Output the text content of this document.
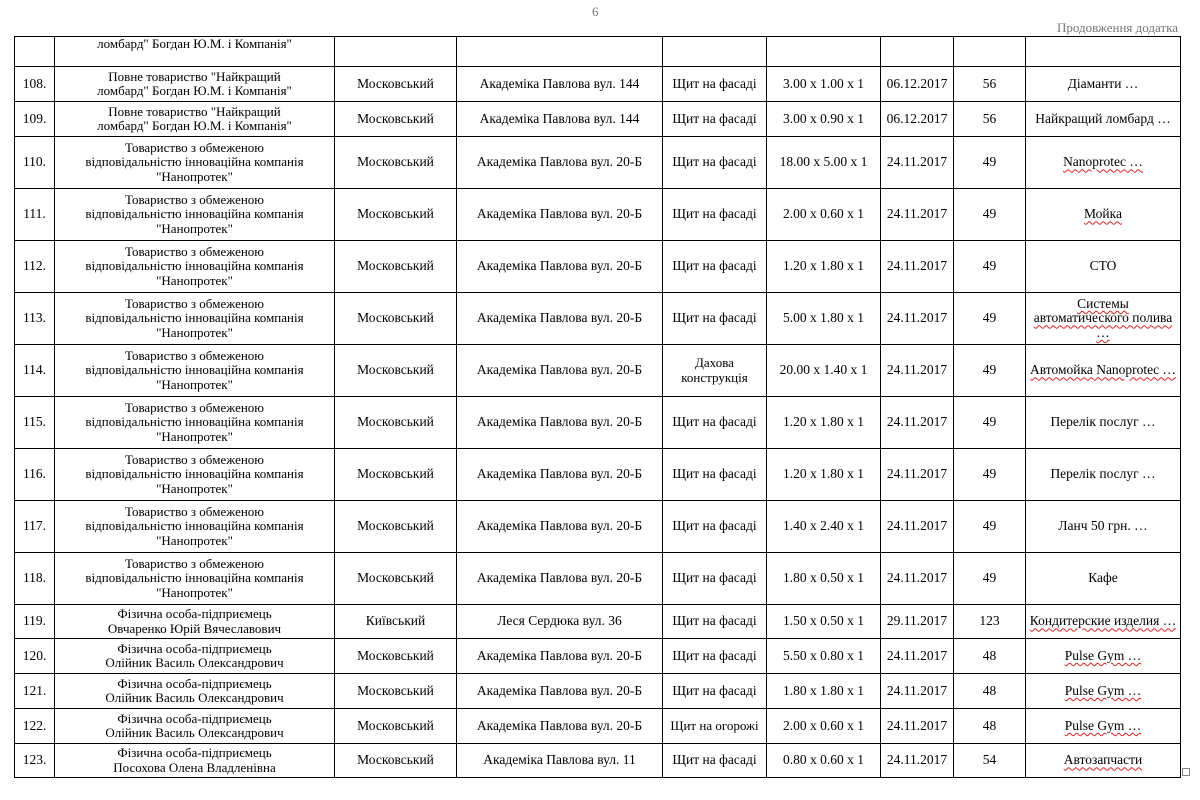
6
Продовження додатка
	ломбард" Богдан Ю.М. і Компанія"							
108.	Повне товариство "Найкращий
ломбард" Богдан Ю.М. і Компанія"	Московський	Академіка Павлова вул. 144	Щит на фасаді	3.00 x 1.00 x 1	06.12.2017	56	Діаманти …
109.	Повне товариство "Найкращий
ломбард" Богдан Ю.М. і Компанія"	Московський	Академіка Павлова вул. 144	Щит на фасаді	3.00 x 0.90 x 1	06.12.2017	56	Найкращий ломбард …
110.	Товариство з обмеженою
відповідальністю інноваційна компанія
"Нанопротек"	Московський	Академіка Павлова вул. 20-Б	Щит на фасаді	18.00 x 5.00 x 1	24.11.2017	49	Nanoprotec …
111.	Товариство з обмеженою
відповідальністю інноваційна компанія
"Нанопротек"	Московський	Академіка Павлова вул. 20-Б	Щит на фасаді	2.00 x 0.60 x 1	24.11.2017	49	Мойка
112.	Товариство з обмеженою
відповідальністю інноваційна компанія
"Нанопротек"	Московський	Академіка Павлова вул. 20-Б	Щит на фасаді	1.20 x 1.80 x 1	24.11.2017	49	СТО
113.	Товариство з обмеженою
відповідальністю інноваційна компанія
"Нанопротек"	Московський	Академіка Павлова вул. 20-Б	Щит на фасаді	5.00 x 1.80 x 1	24.11.2017	49	Системы автоматического полива …
114.	Товариство з обмеженою
відповідальністю інноваційна компанія
"Нанопротек"	Московський	Академіка Павлова вул. 20-Б	Дахова конструкція	20.00 x 1.40 x 1	24.11.2017	49	Автомойка Nanoprotec …
115.	Товариство з обмеженою
відповідальністю інноваційна компанія
"Нанопротек"	Московський	Академіка Павлова вул. 20-Б	Щит на фасаді	1.20 x 1.80 x 1	24.11.2017	49	Перелік послуг …
116.	Товариство з обмеженою
відповідальністю інноваційна компанія
"Нанопротек"	Московський	Академіка Павлова вул. 20-Б	Щит на фасаді	1.20 x 1.80 x 1	24.11.2017	49	Перелік послуг …
117.	Товариство з обмеженою
відповідальністю інноваційна компанія
"Нанопротек"	Московський	Академіка Павлова вул. 20-Б	Щит на фасаді	1.40 x 2.40 x 1	24.11.2017	49	Ланч 50 грн. …
118.	Товариство з обмеженою
відповідальністю інноваційна компанія
"Нанопротек"	Московський	Академіка Павлова вул. 20-Б	Щит на фасаді	1.80 x 0.50 x 1	24.11.2017	49	Кафе
119.	Фізична особа-підприємець
Овчаренко Юрій Вячеславович	Київський	Леся Сердюка вул. 36	Щит на фасаді	1.50 x 0.50 x 1	29.11.2017	123	Кондитерские изделия …
120.	Фізична особа-підприємець
Олійник Василь Олександрович	Московський	Академіка Павлова вул. 20-Б	Щит на фасаді	5.50 x 0.80 x 1	24.11.2017	48	Pulse Gym …
121.	Фізична особа-підприємець
Олійник Василь Олександрович	Московський	Академіка Павлова вул. 20-Б	Щит на фасаді	1.80 x 1.80 x 1	24.11.2017	48	Pulse Gym …
122.	Фізична особа-підприємець
Олійник Василь Олександрович	Московський	Академіка Павлова вул. 20-Б	Щит на огорожі	2.00 x 0.60 x 1	24.11.2017	48	Pulse Gym …
123.	Фізична особа-підприємець
Посохова Олена Владленівна	Московський	Академіка Павлова вул. 11	Щит на фасаді	0.80 x 0.60 x 1	24.11.2017	54	Автозапчасти
